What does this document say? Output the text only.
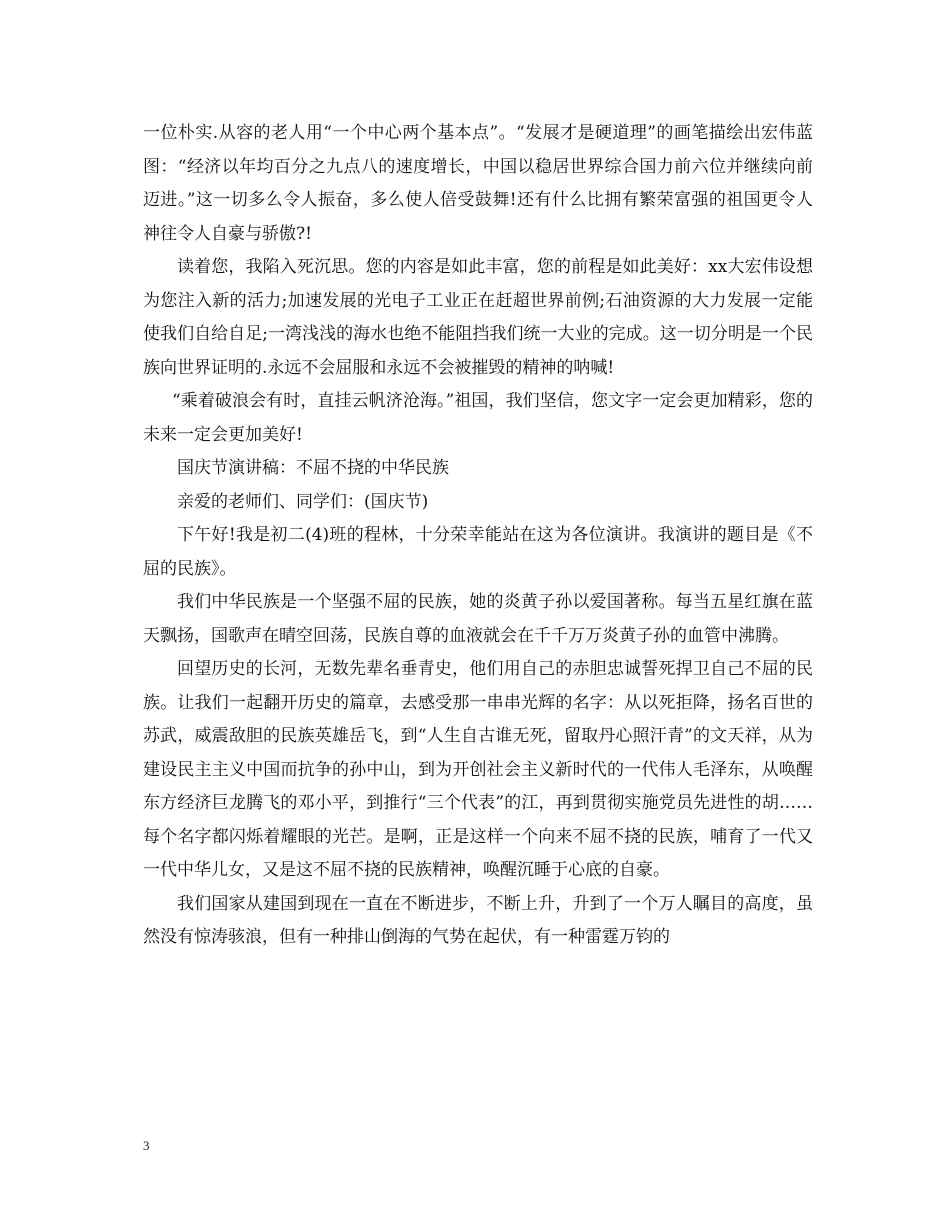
一位朴实.从容的老人用“一个中心两个基本点”。“发展才是硬道理”的画笔描绘出宏伟蓝图：“经济以年均百分之九点八的速度增长，中国以稳居世界综合国力前六位并继续向前迈进。”这一切多么令人振奋，多么使人倍受鼓舞!还有什么比拥有繁荣富强的祖国更令人神往令人自豪与骄傲?!

读着您，我陷入死沉思。您的内容是如此丰富，您的前程是如此美好：xx大宏伟设想为您注入新的活力;加速发展的光电子工业正在赶超世界前例;石油资源的大力发展一定能使我们自给自足;一湾浅浅的海水也绝不能阻挡我们统一大业的完成。这一切分明是一个民族向世界证明的.永远不会屈服和永远不会被摧毁的精神的呐喊!

“乘着破浪会有时，直挂云帆济沧海。”祖国，我们坚信，您文字一定会更加精彩，您的未来一定会更加美好!

国庆节演讲稿：不屈不挠的中华民族

亲爱的老师们、同学们：(国庆节)

下午好!我是初二(4)班的程林，十分荣幸能站在这为各位演讲。我演讲的题目是《不屈的民族》。

我们中华民族是一个坚强不屈的民族，她的炎黄子孙以爱国著称。每当五星红旗在蓝天飘扬，国歌声在晴空回荡，民族自尊的血液就会在千千万万炎黄子孙的血管中沸腾。

回望历史的长河，无数先辈名垂青史，他们用自己的赤胆忠诚誓死捍卫自己不屈的民族。让我们一起翻开历史的篇章，去感受那一串串光辉的名字：从以死拒降，扬名百世的苏武，威震敌胆的民族英雄岳飞，到“人生自古谁无死，留取丹心照汗青”的文天祥，从为建设民主主义中国而抗争的孙中山，到为开创社会主义新时代的一代伟人毛泽东，从唤醒东方经济巨龙腾飞的邓小平，到推行“三个代表”的江，再到贯彻实施党员先进性的胡……每个名字都闪烁着耀眼的光芒。是啊，正是这样一个向来不屈不挠的民族，哺育了一代又一代中华儿女，又是这不屈不挠的民族精神，唤醒沉睡于心底的自豪。

我们国家从建国到现在一直在不断进步，不断上升，升到了一个万人瞩目的高度，虽然没有惊涛骇浪，但有一种排山倒海的气势在起伏，有一种雷霆万钧的

3
